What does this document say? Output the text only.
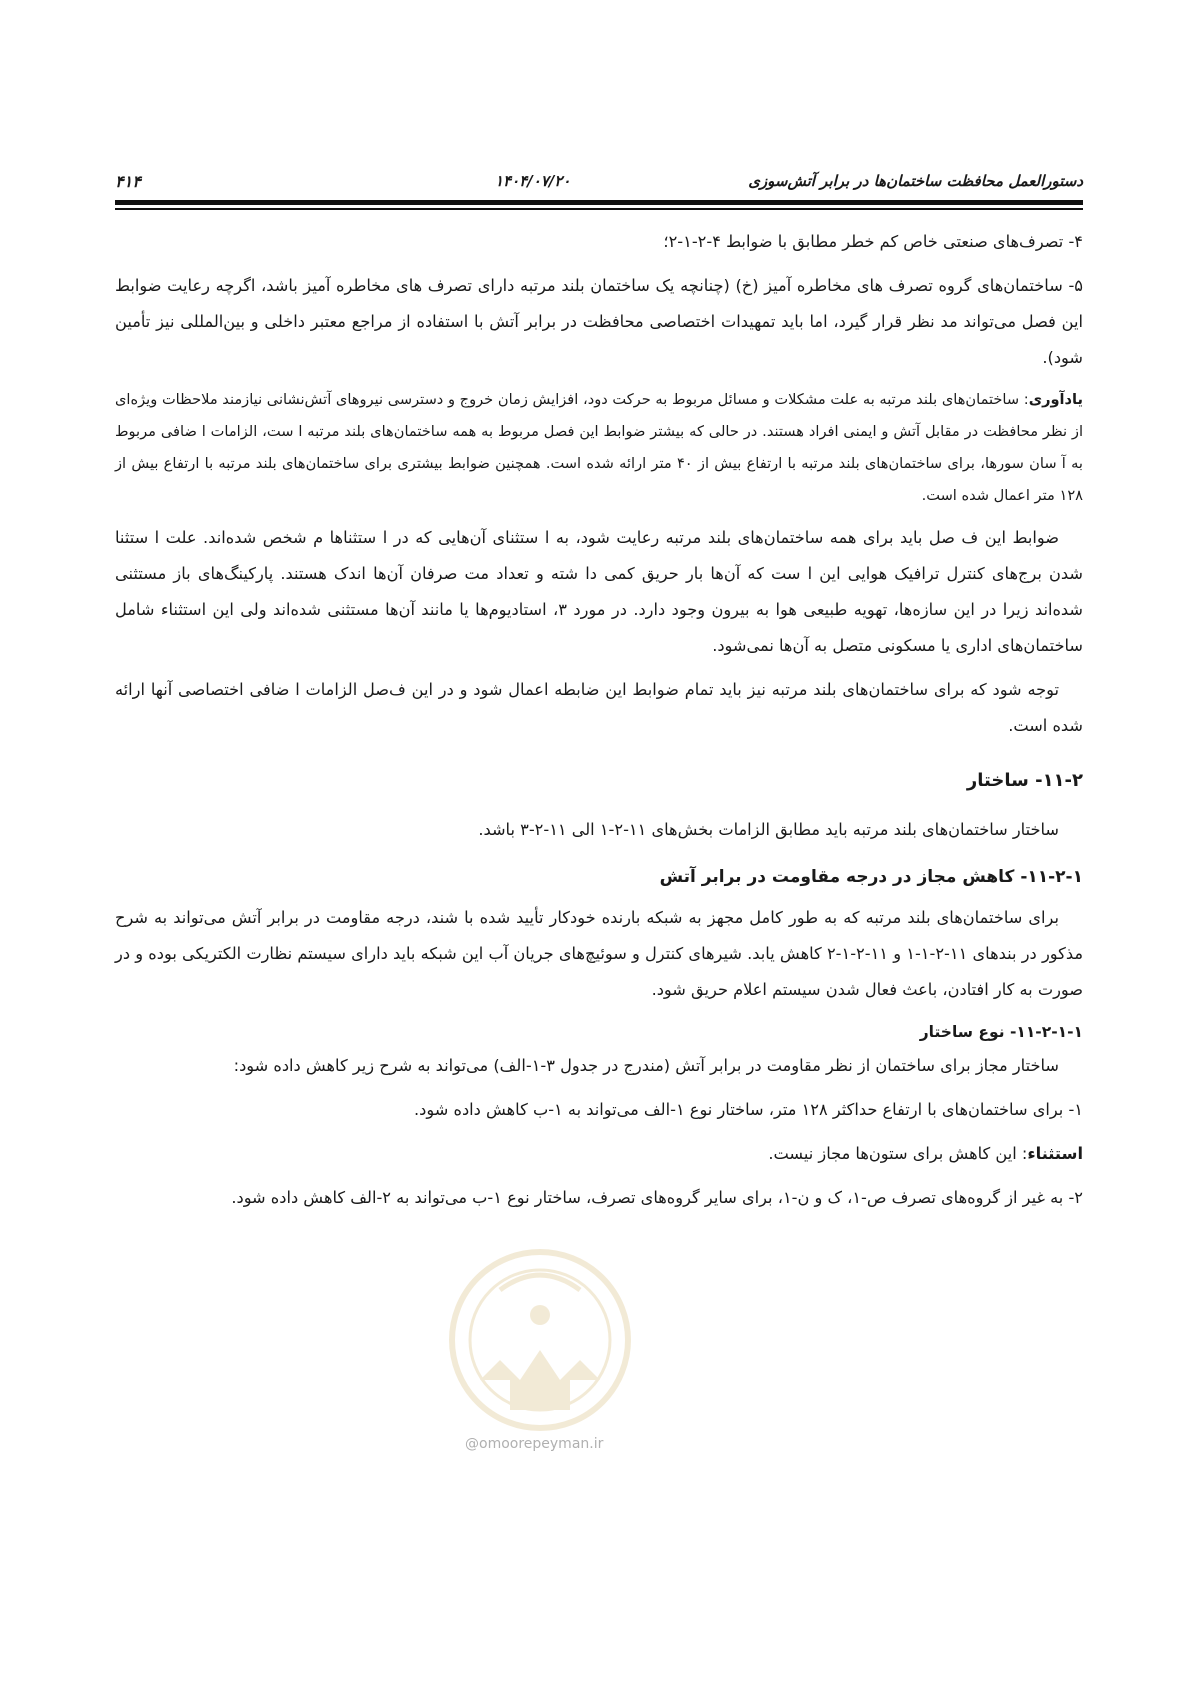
دستورالعمل محافظت ساختمان‌ها در برابر آتش‌سوزی
۱۴۰۴/۰۷/۲۰
۴۱۴

۴- تصرف‌های صنعتی خاص کم خطر مطابق با ضوابط ۴-۲-۱-۲؛

۵- ساختمان‌های گروه تصرف های مخاطره آمیز (خ) (چنانچه یک ساختمان بلند مرتبه دارای تصرف های مخاطره آمیز باشد، اگرچه رعایت ضوابط این فصل می‌تواند مد نظر قرار گیرد، اما باید تمهیدات اختصاصی محافظت در برابر آتش با استفاده از مراجع معتبر داخلی و بین‌المللی نیز تأمین شود).

یادآوری: ساختمان‌های بلند مرتبه به علت مشکلات و مسائل مربوط به حرکت دود، افزایش زمان خروج و دسترسی نیروهای آتش‌نشانی نیازمند ملاحظات ویژه‌ای از نظر محافظت در مقابل آتش و ایمنی افراد هستند. در حالی که بیشتر ضوابط این فصل مربوط به همه ساختمان‌های بلند مرتبه ا ست، الزامات ا ضافی مربوط به آ سان سورها، برای ساختمان‌های بلند مرتبه با ارتفاع بیش از ۴۰ متر ارائه شده است. همچنین ضوابط بیشتری برای ساختمان‌های بلند مرتبه با ارتفاع بیش از ۱۲۸ متر اعمال شده است.

ضوابط این ف صل باید برای همه ساختمان‌های بلند مرتبه رعایت شود، به ا ستثنای آن‌هایی که در ا ستثناها م شخص شده‌اند. علت ا ستثنا شدن برج‌های کنترل ترافیک هوایی این ا ست که آن‌ها بار حریق کمی دا شته و تعداد مت صرفان آن‌ها اندک هستند. پارکینگ‌های باز مستثنی شده‌اند زیرا در این سازه‌ها، تهویه طبیعی هوا به بیرون وجود دارد. در مورد ۳، استادیوم‌ها یا مانند آن‌ها مستثنی شده‌اند ولی این استثناء شامل ساختمان‌های اداری یا مسکونی متصل به آن‌ها نمی‌شود.

توجه شود که برای ساختمان‌های بلند مرتبه نیز باید تمام ضوابط این ضابطه اعمال شود و در این ف‌صل الزامات ا ضافی اختصاصی آنها ارائه شده است.

۱۱-۲- ساختار

ساختار ساختمان‌های بلند مرتبه باید مطابق الزامات بخش‌های ۱۱-۲-۱ الی ۱۱-۲-۳ باشد.

۱۱-۲-۱- کاهش مجاز در درجه مقاومت در برابر آتش

برای ساختمان‌های بلند مرتبه که به طور کامل مجهز به شبکه بارنده خودکار تأیید شده با شند، درجه مقاومت در برابر آتش می‌تواند به شرح مذکور در بندهای ۱۱-۲-۱-۱ و ۱۱-۲-۱-۲ کاهش یابد. شیرهای کنترل و سوئیچ‌های جریان آب این شبکه باید دارای سیستم نظارت الکتریکی بوده و در صورت به کار افتادن، باعث فعال شدن سیستم اعلام حریق شود.

۱۱-۲-۱-۱- نوع ساختار

ساختار مجاز برای ساختمان از نظر مقاومت در برابر آتش (مندرج در جدول ۳-۱-الف) می‌تواند به شرح زیر کاهش داده شود:

۱- برای ساختمان‌های با ارتفاع حداکثر ۱۲۸ متر، ساختار نوع ۱-الف می‌تواند به ۱-ب کاهش داده شود.

استثناء: این کاهش برای ستون‌ها مجاز نیست.

۲- به غیر از گروه‌های تصرف ص-۱، ک و ن-۱، برای سایر گروه‌های تصرف، ساختار نوع ۱-ب می‌تواند به ۲-الف کاهش داده شود.

@omoorepeyman.ir
